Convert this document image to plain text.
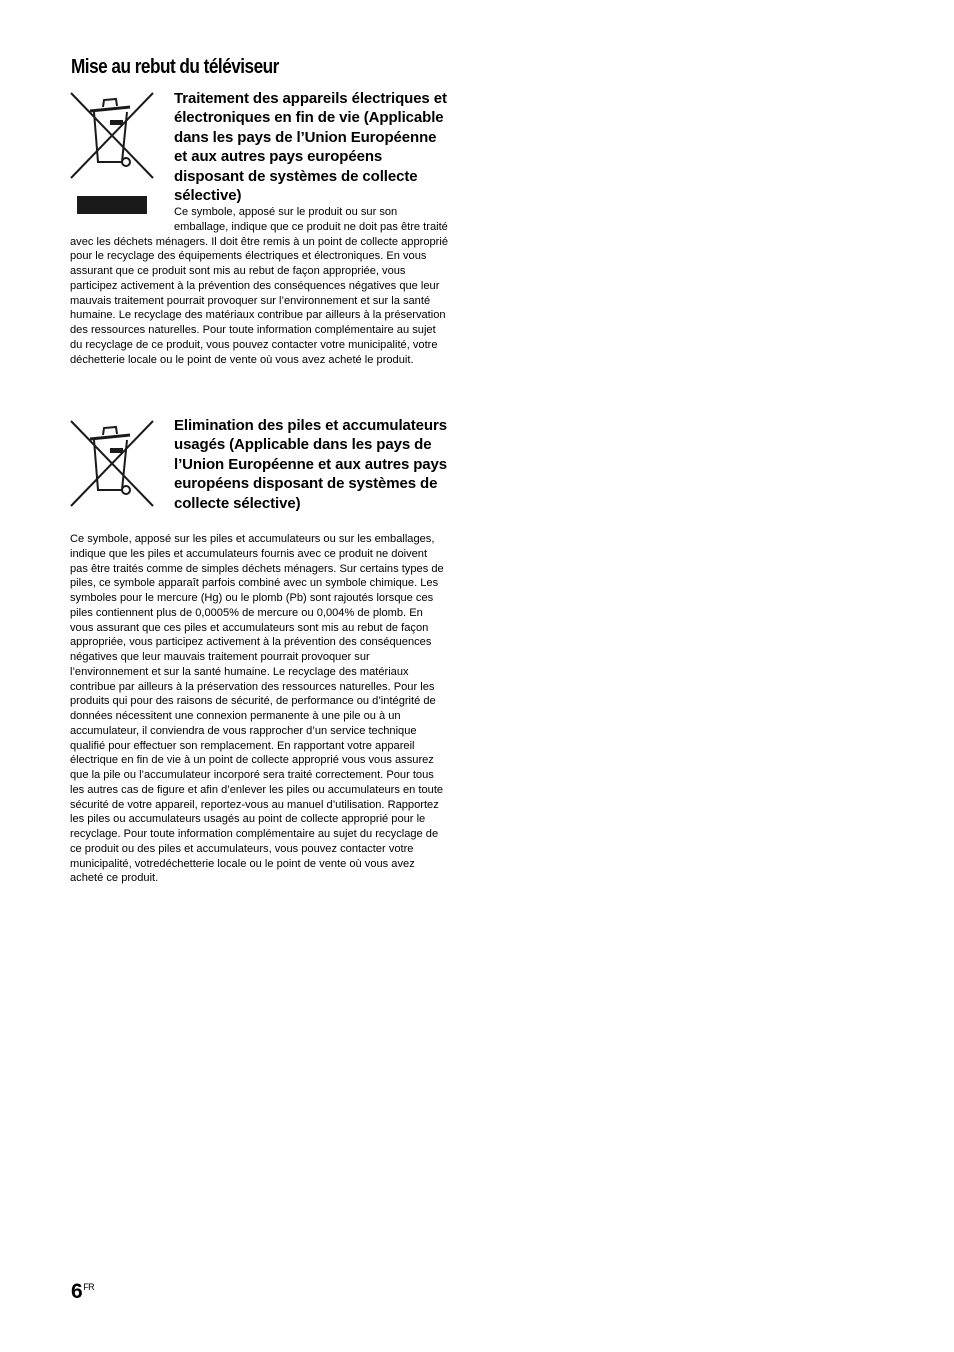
Mise au rebut du téléviseur

Traitement des appareils électriques et électroniques en fin de vie (Applicable dans les pays de l’Union Européenne et aux autres pays européens disposant de systèmes de collecte sélective)

Ce symbole, apposé sur le produit ou sur son emballage, indique que ce produit ne doit pas être traité avec les déchets ménagers. Il doit être remis à un point de collecte approprié pour le recyclage des équipements électriques et électroniques. En vous assurant que ce produit sont mis au rebut de façon appropriée, vous participez activement à la prévention des conséquences négatives que leur mauvais traitement pourrait provoquer sur l’environnement et sur la santé humaine. Le recyclage des matériaux contribue par ailleurs à la préservation des ressources naturelles. Pour toute information complémentaire au sujet du recyclage de ce produit, vous pouvez contacter votre municipalité, votre déchetterie locale ou le point de vente où vous avez acheté le produit.

Elimination des piles et accumulateurs usagés (Applicable dans les pays de l’Union Européenne et aux autres pays européens disposant de systèmes de collecte sélective)

Ce symbole, apposé sur les piles et accumulateurs ou sur les emballages, indique que les piles et accumulateurs fournis avec ce produit ne doivent pas être traités comme de simples déchets ménagers. Sur certains types de piles, ce symbole apparaît parfois combiné avec un symbole chimique. Les symboles pour le mercure (Hg) ou le plomb (Pb) sont rajoutés lorsque ces piles contiennent plus de 0,0005% de mercure ou 0,004% de plomb. En vous assurant que ces piles et accumulateurs sont mis au rebut de façon appropriée, vous participez activement à la prévention des conséquences négatives que leur mauvais traitement pourrait provoquer sur l’environnement et sur la santé humaine. Le recyclage des matériaux contribue par ailleurs à la préservation des ressources naturelles. Pour les produits qui pour des raisons de sécurité, de performance ou d’intégrité de données nécessitent une connexion permanente à une pile ou à un accumulateur, il conviendra de vous rapprocher d’un service technique qualifié pour effectuer son remplacement. En rapportant votre appareil électrique en fin de vie à un point de collecte approprié vous vous assurez que la pile ou l’accumulateur incorporé sera traité correctement. Pour tous les autres cas de figure et afin d’enlever les piles ou accumulateurs en toute sécurité de votre appareil, reportez-vous au manuel d’utilisation. Rapportez les piles ou accumulateurs usagés au point de collecte approprié pour le recyclage. Pour toute information complémentaire au sujet du recyclage de ce produit ou des piles et accumulateurs, vous pouvez contacter votre municipalité, votredéchetterie locale ou le point de vente où vous avez acheté ce produit.

$6^{FR}$
